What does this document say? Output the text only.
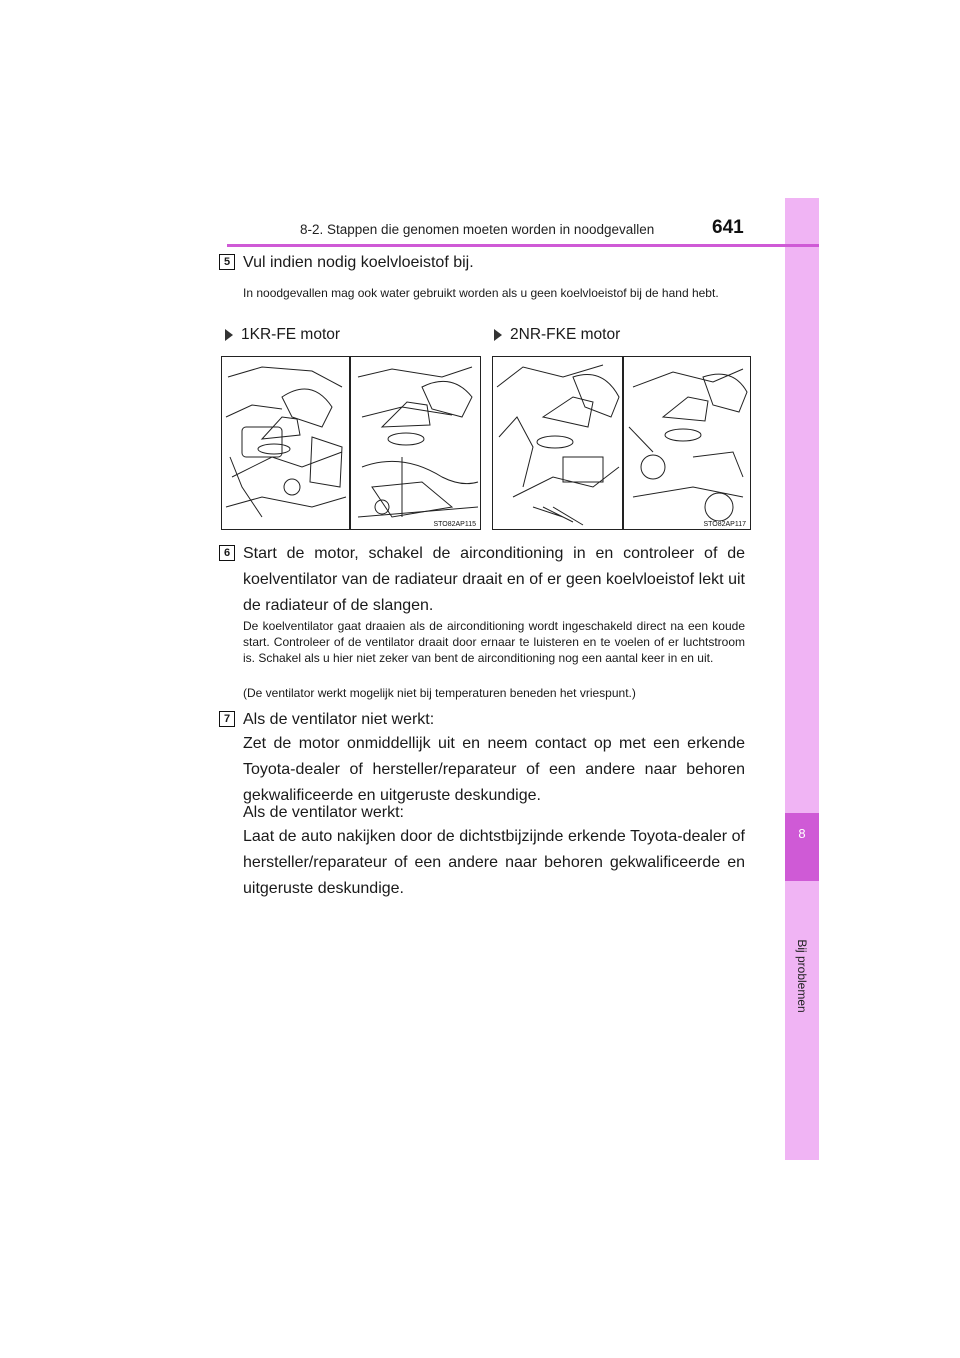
8
Bij problemen
8-2. Stappen die genomen moeten worden in noodgevallen	641
5 Vul indien nodig koelvloeistof bij.
In noodgevallen mag ook water gebruikt worden als u geen koelvloeistof bij de hand hebt.
1KR-FE motor	2NR-FKE motor
STO82AP115	STO82AP117
6 Start de motor, schakel de airconditioning in en controleer of de koelventilator van de radiateur draait en of er geen koelvloeistof lekt uit de radiateur of de slangen.
De koelventilator gaat draaien als de airconditioning wordt ingeschakeld direct na een koude start. Controleer of de ventilator draait door ernaar te luisteren en te voelen of er luchtstroom is. Schakel als u hier niet zeker van bent de airconditioning nog een aantal keer in en uit.
(De ventilator werkt mogelijk niet bij temperaturen beneden het vriespunt.)
7 Als de ventilator niet werkt:
Zet de motor onmiddellijk uit en neem contact op met een erkende Toyota-dealer of hersteller/reparateur of een andere naar behoren gekwalificeerde en uitgeruste deskundige.
Als de ventilator werkt:
Laat de auto nakijken door de dichtstbijzijnde erkende Toyota-dealer of hersteller/reparateur of een andere naar behoren gekwalificeerde en uitgeruste deskundige.
